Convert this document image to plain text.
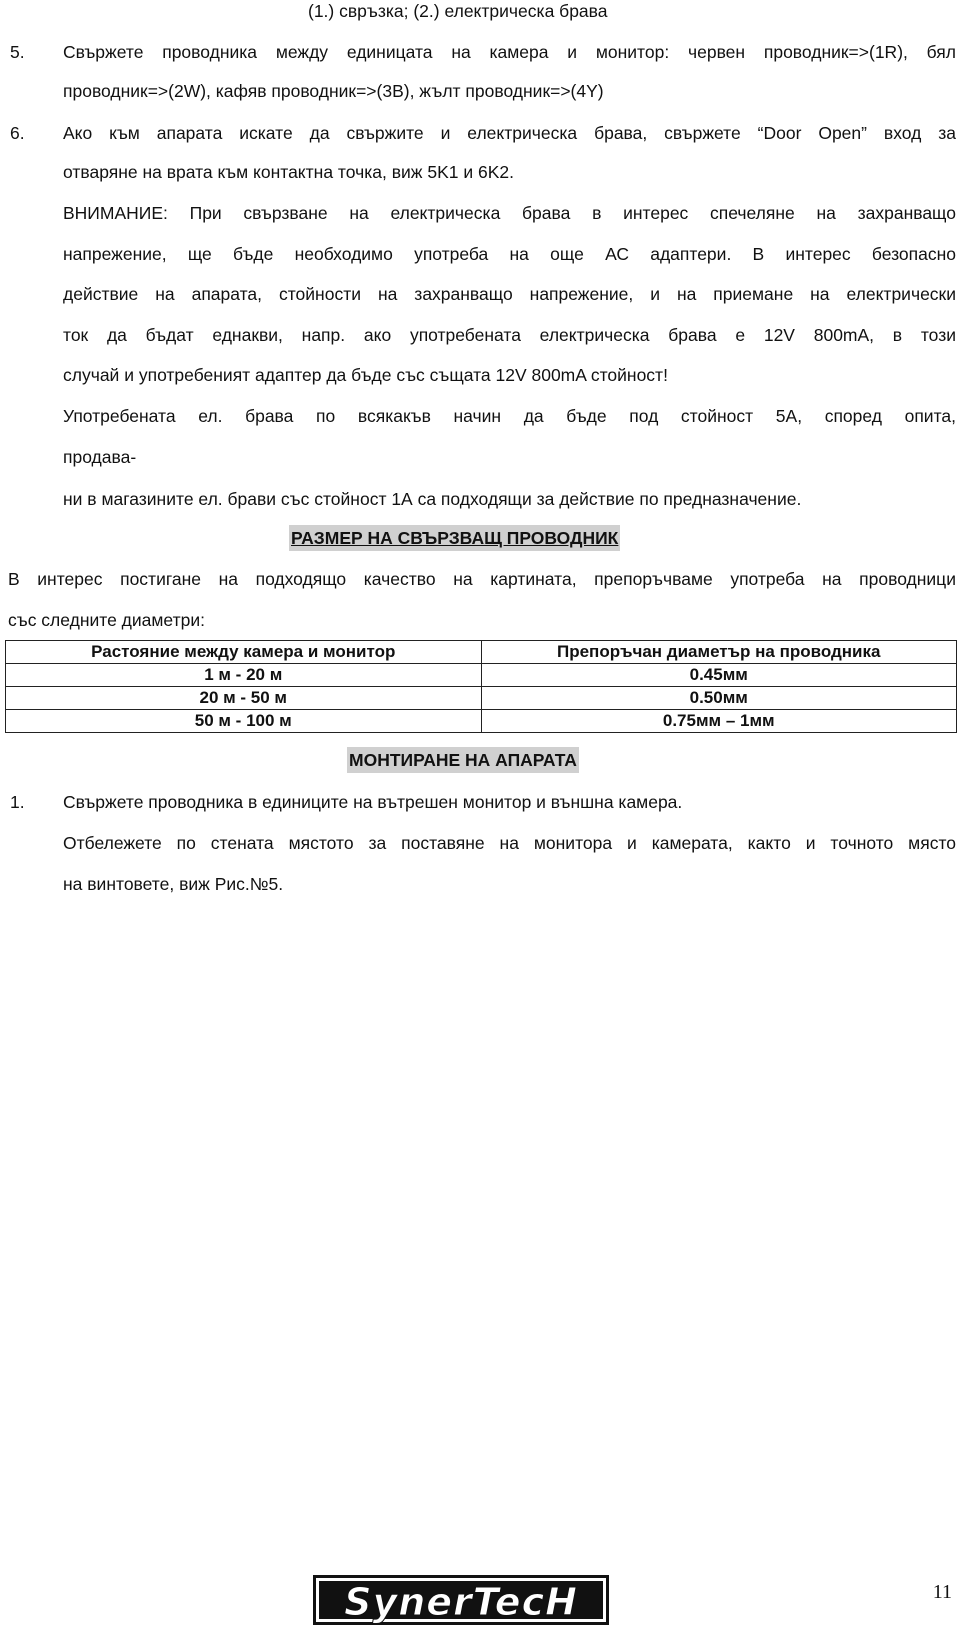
(1.) свръзка; (2.) електрическа брава
5. Свържете проводника между единицата на камера и монитор: червен проводник=>(1R), бял
проводник=>(2W), кафяв проводник=>(3B), жълт проводник=>(4Y)
6. Ако към апарата искате да свържите и електрическа брава, свържете “Door Open” вход за
отваряне на врата към контактна точка, виж 5K1 и 6K2.
ВНИМАНИЕ: При свързване на електрическа брава в интерес спечеляне на захранващо
напрежение, ще бъде необходимо употреба на още АС адаптери. В интерес безопасно
действие на апарата, стойности на захранващо напрежение, и на приемане на електрически
ток да бъдат еднакви, напр. ако употребената електрическа брава е 12V 800mA, в този
случай и употребеният адаптер да бъде със същата 12V 800mA стойност!
Употребената ел. брава по всякакъв начин да бъде под стойност 5А, според опита,
продава-
ни в магазините ел. брави със стойност 1А са подходящи за действие по предназначение.
РАЗМЕР НА СВЪРЗВАЩ ПРОВОДНИК
В интерес постигане на подходящо качество на картината, препоръчваме употреба на проводници
със следните диаметри:
Растояние между камера и монитор	Препоръчан диаметър на проводника
1 м - 20 м	0.45мм
20 м - 50 м	0.50мм
50 м - 100 м	0.75мм – 1мм
МОНТИРАНЕ НА АПАРАТА
1. Свържете проводника в единиците на вътрешен монитор и външна камера.
Отбележете по стената мястото за поставяне на монитора и камерата, както и точното място
на винтовете, виж Рис.№5.
SynerTecH	11
